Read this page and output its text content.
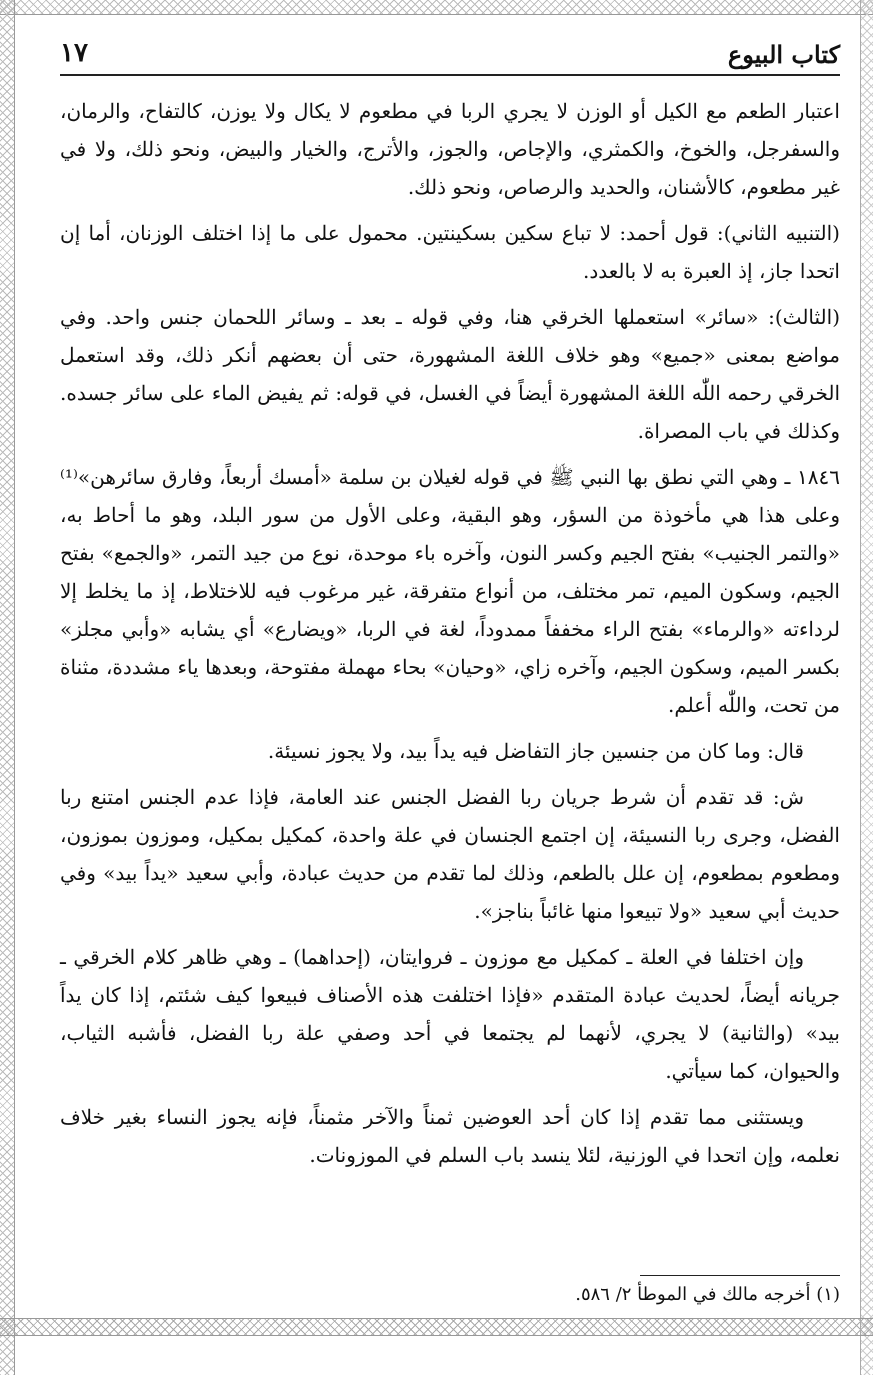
كتاب البيوع
١٧

اعتبار الطعم مع الكيل أو الوزن لا يجري الربا في مطعوم لا يكال ولا يوزن، كالتفاح، والرمان، والسفرجل، والخوخ، والكمثري، والإجاص، والجوز، والأترج، والخيار والبيض، ونحو ذلك، ولا في غير مطعوم، كالأشنان، والحديد والرصاص، ونحو ذلك.

(التنبيه الثاني): قول أحمد: لا تباع سكين بسكينتين. محمول على ما إذا اختلف الوزنان، أما إن اتحدا جاز، إذ العبرة به لا بالعدد.

(الثالث): «سائر» استعملها الخرقي هنا، وفي قوله ـ بعد ـ وسائر اللحمان جنس واحد. وفي مواضع بمعنى «جميع» وهو خلاف اللغة المشهورة، حتى أن بعضهم أنكر ذلك، وقد استعمل الخرقي رحمه اللّٰه اللغة المشهورة أيضاً في الغسل، في قوله: ثم يفيض الماء على سائر جسده. وكذلك في باب المصراة.

١٨٤٦ ـ وهي التي نطق بها النبي ﷺ في قوله لغيلان بن سلمة «أمسك أربعاً، وفارق سائرهن»⁽¹⁾ وعلى هذا هي مأخوذة من السؤر، وهو البقية، وعلى الأول من سور البلد، وهو ما أحاط به، «والتمر الجنيب» بفتح الجيم وكسر النون، وآخره باء موحدة، نوع من جيد التمر، «والجمع» بفتح الجيم، وسكون الميم، تمر مختلف، من أنواع متفرقة، غير مرغوب فيه للاختلاط، إذ ما يخلط إلا لرداءته «والرماء» بفتح الراء مخففاً ممدوداً، لغة في الربا، «ويضارع» أي يشابه «وأبي مجلز» بكسر الميم، وسكون الجيم، وآخره زاي، «وحيان» بحاء مهملة مفتوحة، وبعدها ياء مشددة، مثناة من تحت، واللّٰه أعلم.

قال: وما كان من جنسين جاز التفاضل فيه يداً بيد، ولا يجوز نسيئة.

ش: قد تقدم أن شرط جريان ربا الفضل الجنس عند العامة، فإذا عدم الجنس امتنع ربا الفضل، وجرى ربا النسيئة، إن اجتمع الجنسان في علة واحدة، كمكيل بمكيل، وموزون بموزون، ومطعوم بمطعوم، إن علل بالطعم، وذلك لما تقدم من حديث عبادة، وأبي سعيد «يداً بيد» وفي حديث أبي سعيد «ولا تبيعوا منها غائباً بناجز».

وإن اختلفا في العلة ـ كمكيل مع موزون ـ فروايتان، (إحداهما) ـ وهي ظاهر كلام الخرقي ـ جريانه أيضاً، لحديث عبادة المتقدم «فإذا اختلفت هذه الأصناف فبيعوا كيف شئتم، إذا كان يداً بيد» (والثانية) لا يجري، لأنهما لم يجتمعا في أحد وصفي علة ربا الفضل، فأشبه الثياب، والحيوان، كما سيأتي.

ويستثنى مما تقدم إذا كان أحد العوضين ثمناً والآخر مثمناً، فإنه يجوز النساء بغير خلاف نعلمه، وإن اتحدا في الوزنية، لئلا ينسد باب السلم في الموزونات.

(١) أخرجه مالك في الموطأ ٢/ ٥٨٦.
